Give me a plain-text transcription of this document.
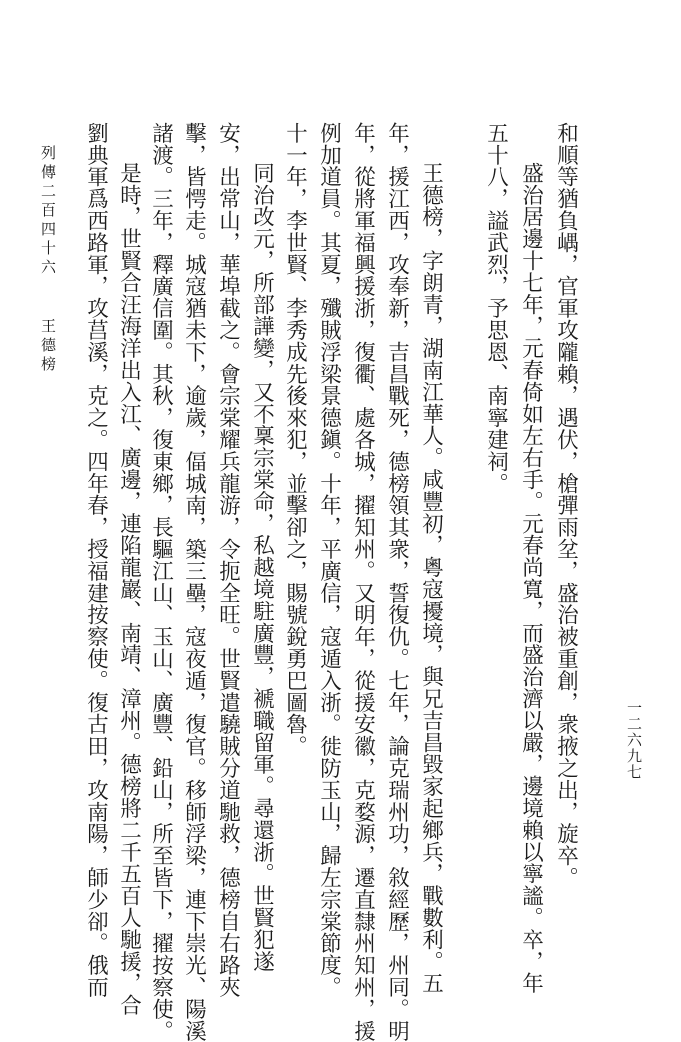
和順等猶負嵎，官軍攻隴賴，遇伏，槍彈雨坌，盛治被重創，衆掖之出，旋卒。
盛治居邊十七年，元春倚如左右手。元春尚寬，而盛治濟以嚴，邊境賴以寧謐。卒，年
五十八，謚武烈，予思恩、南寧建祠。
王德榜，字朗青，湖南江華人。咸豐初，粵寇擾境，與兄吉昌毀家起鄉兵，戰數利。五
年，援江西，攻奉新，吉昌戰死，德榜領其衆，誓復仇。七年，論克瑞州功，敘經歷，州同。明
年，從將軍福興援浙，復衢、處各城，擢知州。又明年，從援安徽，克婺源，遷直隸州知州，援
例加道員。其夏，殲賊浮梁景德鎭。十年，平廣信，寇遁入浙。徙防玉山，歸左宗棠節度。
十一年，李世賢、李秀成先後來犯，並擊卻之，賜號銳勇巴圖魯。
同治改元，所部譁變，又不稟宗棠命，私越境駐廣豐，褫職留軍。尋還浙。世賢犯遂
安，出常山，華埠截之。會宗棠耀兵龍游，令扼全旺。世賢遣驍賊分道馳救，德榜自右路夾
擊，皆愕走。城寇猶未下，逾歲，偪城南，築三壘，寇夜遁，復官。移師浮梁，連下崇光、陽溪
諸渡。三年，釋廣信圍。其秋，復東鄉，長驅江山、玉山、廣豐、鉛山，所至皆下，擢按察使。
是時，世賢合汪海洋出入江、廣邊，連陷龍巖、南靖、漳州。德榜將二千五百人馳援，合
劉典軍爲西路軍，攻莒溪，克之。四年春，授福建按察使。復古田，攻南陽，師少卻。俄而
列傳二百四十六王德榜
一二六九七
